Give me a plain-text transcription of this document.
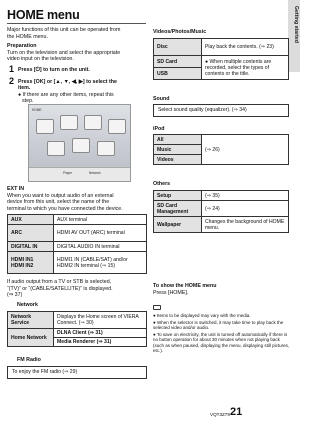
Getting started
HOME menu
Major functions of this unit can be operated from
the HOME menu.
Preparation
Turn on the television and select the appropriate
video input on the television.
1 Press [⏻] to turn on the unit.
2 Press [OK] or [▲, ▼, ◀, ▶] to select the
item.
● If there are any other items, repeat this
step.
HOME
Player	Network
EXT IN
When you want to output audio of an external
device from this unit, select the name of the
terminal to which you have connected the device.
AUX	AUX terminal
ARC	HDMI AV OUT (ARC) terminal
DIGITAL IN	DIGITAL AUDIO IN terminal
HDMI IN1
HDMI IN2	HDMI1 IN (CABLE/SAT) and/or HDMI2 IN terminal (⇒ 15)
If audio output from a TV or STB is selected,
“(TV)” or “(CABLE/SATELLITE)” is displayed.
(⇒ 37)
Network
Network Service	Displays the Home screen of VIERA Connect. (⇒ 30)
Home Network	DLNA Client (⇒ 31)
	Media Renderer (⇒ 31)
FM Radio
To enjoy the FM radio (⇒ 29)
Videos/Photos/Music
Disc	Play back the contents. (⇒ 23)
SD Card	● When multiple contents are recorded, select the types of contents or the title.
USB	
Sound
Select sound quality (equalizer). (⇒ 34)
iPod
All	(⇒ 26)
Music
Videos
Others
Setup	(⇒ 35)
SD Card Management	(⇒ 24)
Wallpaper	Changes the background of HOME menu.
To show the HOME menu
Press [HOME].
● Items to be displayed may vary with the media.
● When the selector is switched, it may take time to play back the selected video and/or audio.
● To save on electricity, the unit is turned off automatically if there is no button operation for about 30 minutes when not playing back (such as when paused, displaying the menu, displaying still pictures, etc.).
VQT3Z79 21
